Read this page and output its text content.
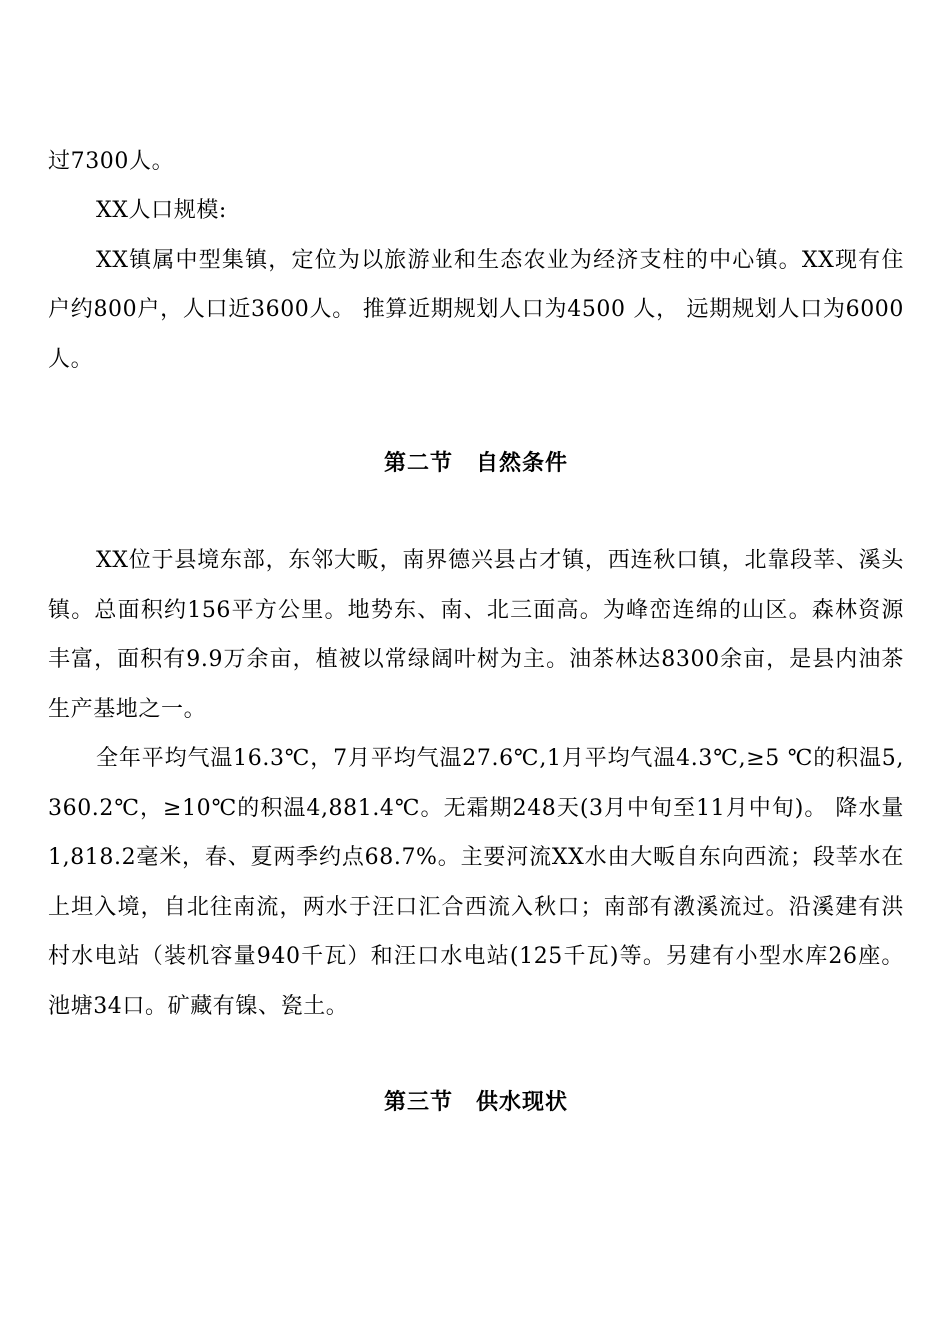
过7300人。

XX人口规模:

XX镇属中型集镇，定位为以旅游业和生态农业为经济支柱的中心镇。XX现有住户约800户，人口近3600人。 推算近期规划人口为4500 人， 远期规划人口为6000人。

第二节　自然条件

XX位于县境东部，东邻大畈，南界德兴县占才镇，西连秋口镇，北靠段莘、溪头镇。总面积约156平方公里。地势东、南、北三面高。为峰峦连绵的山区。森林资源丰富，面积有9.9万余亩，植被以常绿阔叶树为主。油茶林达8300余亩，是县内油茶生产基地之一。

全年平均气温16.3℃，7月平均气温27.6℃,1月平均气温4.3℃,≥5 ℃的积温5,360.2℃，≥10℃的积温4,881.4℃。无霜期248天(3月中旬至11月中旬)。 降水量1,818.2毫米，春、夏两季约点68.7%。主要河流XX水由大畈自东向西流；段莘水在上坦入境，自北往南流，两水于汪口汇合西流入秋口；南部有漖溪流过。沿溪建有洪村水电站（装机容量940千瓦）和汪口水电站(125千瓦)等。另建有小型水库26座。池塘34口。矿藏有镍、瓷土。

第三节　供水现状
